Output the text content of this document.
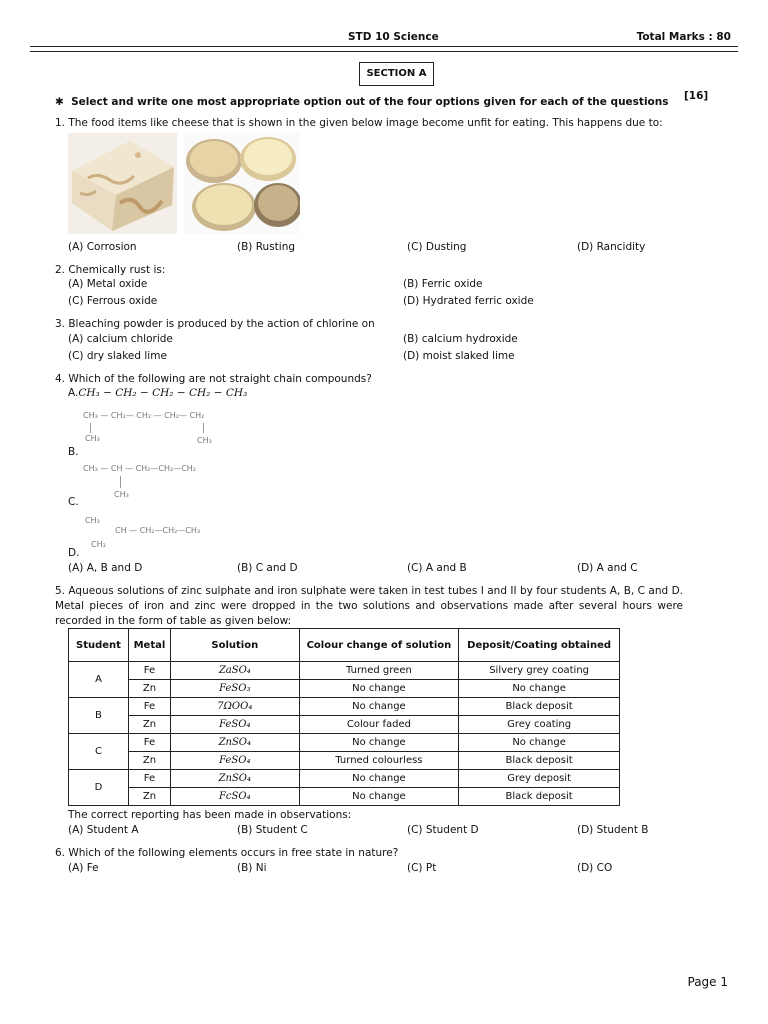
STD 10 Science	Total Marks : 80
SECTION A
[16]
✱ Select and write one most appropriate option out of the four options given for each of the questions
1. The food items like cheese that is shown in the given below image become unfit for eating. This happens due to:
(A) Corrosion	(B) Rusting	(C) Dusting	(D) Rancidity
2. Chemically rust is:
(A) Metal oxide	(B) Ferric oxide
(C) Ferrous oxide	(D) Hydrated ferric oxide
3. Bleaching powder is produced by the action of chlorine on
(A) calcium chloride	(B) calcium hydroxide
(C) dry slaked lime	(D) moist slaked lime
4. Which of the following are not straight chain compounds?
A.CH₃ − CH₂ − CH₂ − CH₂ − CH₃
CH₃ — CH₂— CH₂ — CH₂— CH₂
CH₃	CH₃
B.
CH₃ — CH — CH₂—CH₂—CH₂
CH₃
C.
CH₃
CH — CH₂—CH₂—CH₃
CH₃
D.
(A) A, B and D	(B) C and D	(C) A and B	(D) A and C
5. Aqueous solutions of zinc sulphate and iron sulphate were taken in test tubes I and II by four students A, B, C and D. Metal pieces of iron and zinc were dropped in the two solutions and observations made after several hours were recorded in the form of table as given below:
Student	Metal	Solution	Colour change of solution	Deposit/Coating obtained
A	Fe	ZaSO₄	Turned green	Silvery grey coating
	Zn	FeSO₃	No change	No change
B	Fe	7ΩOO₄	No change	Black deposit
	Zn	FeSO₄	Colour faded	Grey coating
C	Fe	ZnSO₄	No change	No change
	Zn	FeSO₄	Turned colourless	Black deposit
D	Fe	ZnSO₄	No change	Grey deposit
	Zn	FcSO₄	No change	Black deposit
The correct reporting has been made in observations:
(A) Student A	(B) Student C	(C) Student D	(D) Student B
6. Which of the following elements occurs in free state in nature?
(A) Fe	(B) Ni	(C) Pt	(D) CO
Page 1
